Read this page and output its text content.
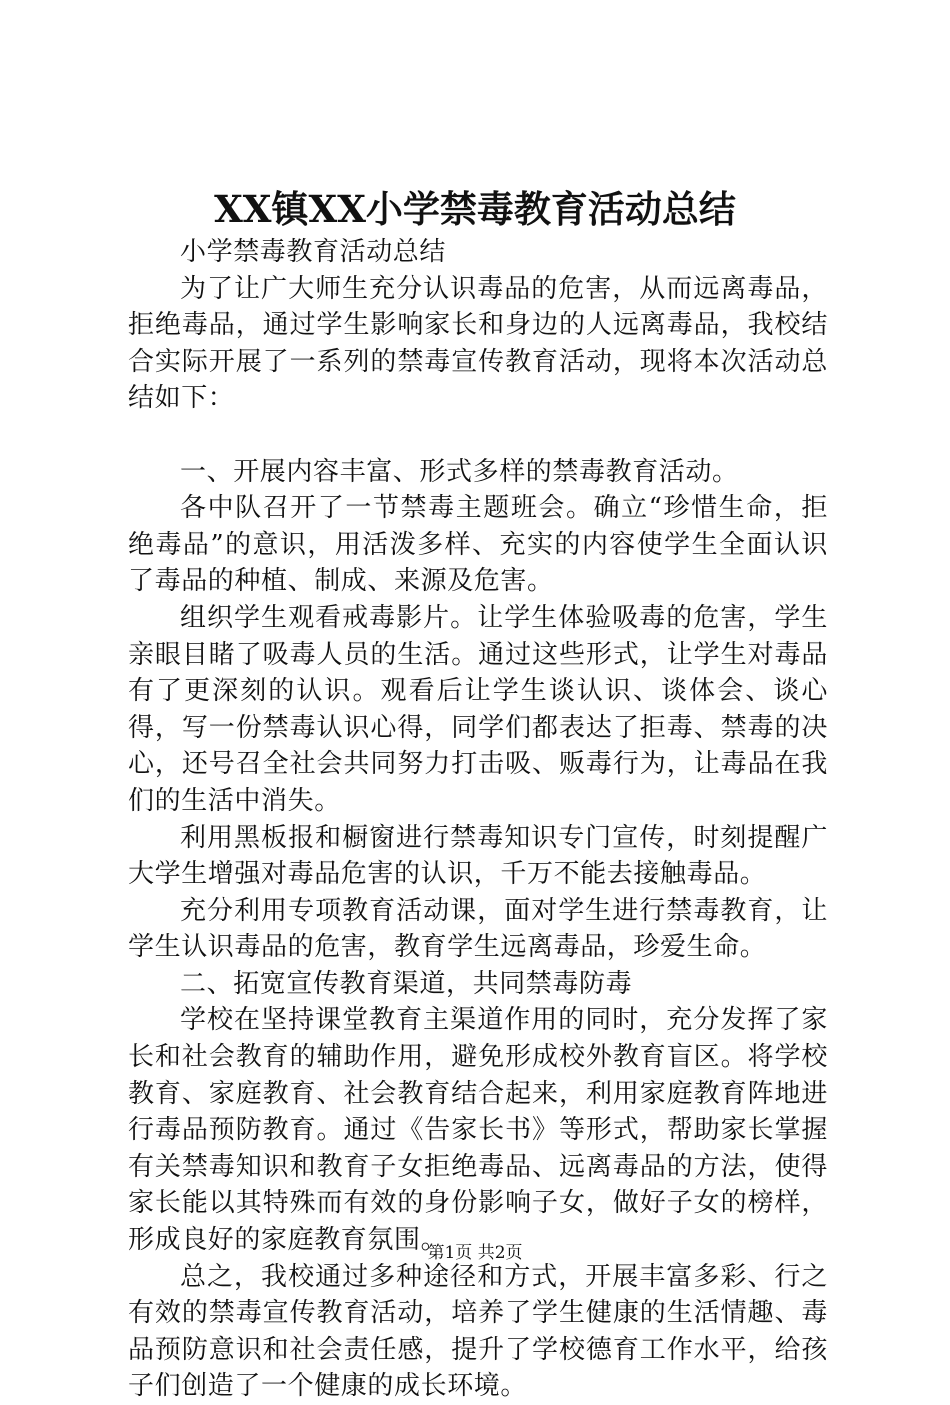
XX镇XX小学禁毒教育活动总结

小学禁毒教育活动总结

为了让广大师生充分认识毒品的危害，从而远离毒品，拒绝毒品，通过学生影响家长和身边的人远离毒品，我校结合实际开展了一系列的禁毒宣传教育活动，现将本次活动总结如下：

一、开展内容丰富、形式多样的禁毒教育活动。

各中队召开了一节禁毒主题班会。确立“珍惜生命，拒绝毒品”的意识，用活泼多样、充实的内容使学生全面认识了毒品的种植、制成、来源及危害。

组织学生观看戒毒影片。让学生体验吸毒的危害，学生亲眼目睹了吸毒人员的生活。通过这些形式，让学生对毒品有了更深刻的认识。观看后让学生谈认识、谈体会、谈心得，写一份禁毒认识心得，同学们都表达了拒毒、禁毒的决心，还号召全社会共同努力打击吸、贩毒行为，让毒品在我们的生活中消失。

利用黑板报和橱窗进行禁毒知识专门宣传，时刻提醒广大学生增强对毒品危害的认识，千万不能去接触毒品。

充分利用专项教育活动课，面对学生进行禁毒教育，让学生认识毒品的危害，教育学生远离毒品，珍爱生命。

二、拓宽宣传教育渠道，共同禁毒防毒

学校在坚持课堂教育主渠道作用的同时，充分发挥了家长和社会教育的辅助作用，避免形成校外教育盲区。将学校教育、家庭教育、社会教育结合起来，利用家庭教育阵地进行毒品预防教育。通过《告家长书》等形式，帮助家长掌握有关禁毒知识和教育子女拒绝毒品、远离毒品的方法，使得家长能以其特殊而有效的身份影响子女，做好子女的榜样，形成良好的家庭教育氛围。

总之，我校通过多种途径和方式，开展丰富多彩、行之有效的禁毒宣传教育活动，培养了学生健康的生活情趣、毒品预防意识和社会责任感，提升了学校德育工作水平，给孩子们创造了一个健康的成长环境。

第1页 共2页
